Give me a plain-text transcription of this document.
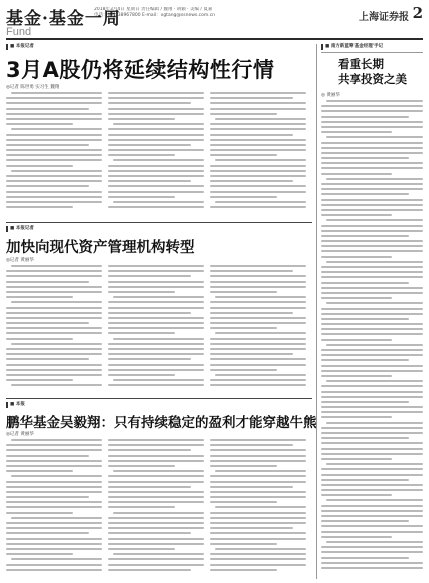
基金·基金一周
Fund
2018年3月4日 星期日 责任编辑 / 魏翔 · 胡颖 · 美编 / 夏嘉
电话：021-38967800 E-mail：xgtang@ssnews.com.cn	上海证券报 2
■ 本报记者
3月A股仍将延续结构性行情
◎记者 陈世勇 实习生 魏翔
■ 本报记者
加快向现代资产管理机构转型
◎记者 黄丽华
■ 本报
鹏华基金吴毅翔：只有持续稳定的盈利才能穿越牛熊
◎记者 黄丽华
■ 南方新蓝筹'基金经理'手记
看重长期
共享投资之美
◎ 黄丽华
